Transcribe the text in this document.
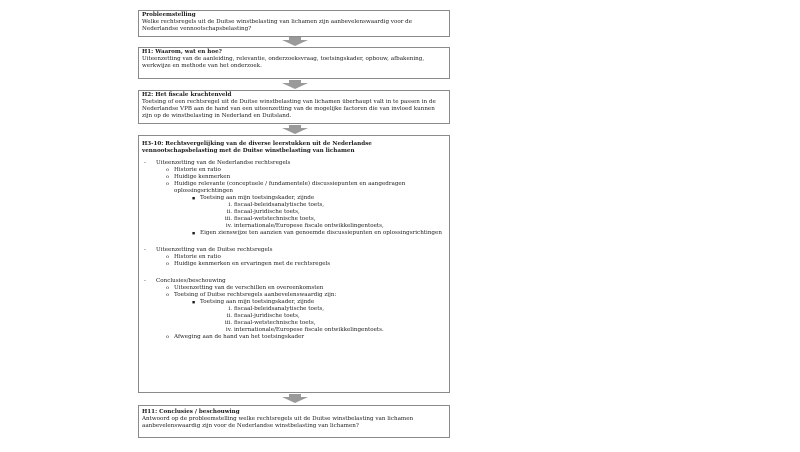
Probleemstelling
Welke rechtsregels uit de Duitse winstbelasting van lichamen zijn aanbevelenswaardig voor de Nederlandse vennootschapsbelasting?
H1: Waarom, wat en hoe?
Uiteenzetting van de aanleiding, relevantie, onderzoeksvraag, toetsingskader, opbouw, afbakening, werkwijze en methode van het onderzoek.
H2: Het fiscale krachtenveld
Toetsing of een rechtsregel uit de Duitse winstbelasting van lichamen überhaupt valt in te passen in de Nederlandse VPB aan de hand van een uiteenzetting van de mogelijke factoren die van invloed kunnen zijn op de winstbelasting in Nederland en Duitsland.
H3-10: Rechtsvergelijking van de diverse leerstukken uit de Nederlandse vennootschapsbelasting met de Duitse winstbelasting van lichamen
- Uiteenzetting van de Nederlandse rechtsregels
o Historie en ratio
o Huidige kenmerken
o Huidige relevante (conceptuele / fundamentele) discussiepunten en aangedragen oplossingsrichtingen
■ Toetsing aan mijn toetsingskader, zijnde
i. fiscaal-beleidsanalytische toets,
ii. fiscaal-juridische toets,
iii. fiscaal-wetstechnische toets,
iv. internationale/Europese fiscale ontwikkelingentoets,
■ Eigen zienswijze ten aanzien van genoemde discussiepunten en oplossingsrichtingen
- Uiteenzetting van de Duitse rechtsregels
o Historie en ratio
o Huidige kenmerken en ervaringen met de rechtsregels
- Conclusies/beschouwing
o Uiteenzetting van de verschillen en overeenkomsten
o Toetsing of Duitse rechtsregels aanbevelenswaardig zijn:
■ Toetsing aan mijn toetsingskader, zijnde
i. fiscaal-beleidsanalytische toets,
ii. fiscaal-juridische toets,
iii. fiscaal-wetstechnische toets,
iv. internationale/Europese fiscale ontwikkelingentoets.
o Afweging aan de hand van het toetsingskader
H11: Conclusies / beschouwing
Antwoord op de probleemstelling welke rechtsregels uit de Duitse winstbelasting van lichamen aanbevelenswaardig zijn voor de Nederlandse winstbelasting van lichamen?
